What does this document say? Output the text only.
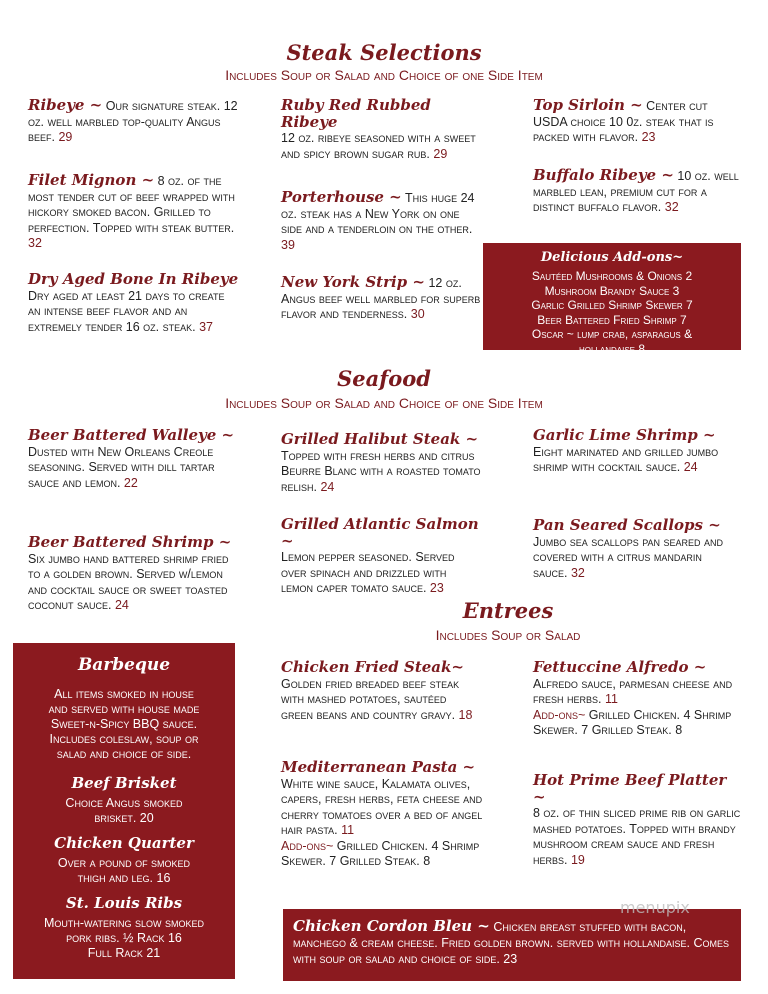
Steak Selections
Includes Soup or Salad and Choice of one Side Item
Ribeye ~ Our signature steak. 12 oz. well marbled top-quality Angus beef. 29
Filet Mignon ~ 8 oz. of the most tender cut of beef wrapped with hickory smoked bacon. Grilled to perfection. Topped with steak butter. 32
Dry Aged Bone In Ribeye
Dry aged at least 21 days to create an intense beef flavor and an extremely tender 16 oz. steak. 37
Ruby Red Rubbed Ribeye
12 oz. ribeye seasoned with a sweet and spicy brown sugar rub. 29
Porterhouse ~ This huge 24 oz. steak has a New York on one side and a tenderloin on the other. 39
New York Strip ~ 12 oz. Angus beef well marbled for superb flavor and tenderness. 30
Top Sirloin ~ Center cut USDA choice 10 0z. steak that is packed with flavor. 23
Buffalo Ribeye ~ 10 oz. well marbled lean, premium cut for a distinct buffalo flavor. 32
Delicious Add-ons~
Sautéed Mushrooms & Onions 2
Mushroom Brandy Sauce 3
Garlic Grilled Shrimp Skewer 7
Beer Battered Fried Shrimp 7
Oscar ~ lump crab, asparagus &
hollandaise 8
Seafood
Includes Soup or Salad and Choice of one Side Item
Beer Battered Walleye ~
Dusted with New Orleans Creole seasoning. Served with dill tartar sauce and lemon. 22
Beer Battered Shrimp ~
Six jumbo hand battered shrimp fried to a golden brown. Served w/lemon and cocktail sauce or sweet toasted coconut sauce. 24
Grilled Halibut Steak ~
Topped with fresh herbs and citrus Beurre Blanc with a roasted tomato relish. 24
Grilled Atlantic Salmon ~
Lemon pepper seasoned. Served over spinach and drizzled with lemon caper tomato sauce. 23
Garlic Lime Shrimp ~
Eight marinated and grilled jumbo shrimp with cocktail sauce. 24
Pan Seared Scallops ~
Jumbo sea scallops pan seared and covered with a citrus mandarin sauce. 32
Barbeque
All items smoked in house
and served with house made
Sweet-n-Spicy BBQ sauce.
Includes coleslaw, soup or
salad and choice of side.
Beef Brisket
Choice Angus smoked
brisket. 20
Chicken Quarter
Over a pound of smoked
thigh and leg. 16
St. Louis Ribs
Mouth-watering slow smoked
pork ribs. ½ Rack 16
Full Rack 21
Entrees
Includes Soup or Salad
Chicken Fried Steak~
Golden fried breaded beef steak with mashed potatoes, sautéed green beans and country gravy. 18
Mediterranean Pasta ~
White wine sauce, Kalamata olives, capers, fresh herbs, feta cheese and cherry tomatoes over a bed of angel hair pasta. 11
Add-ons~ Grilled Chicken. 4 Shrimp Skewer. 7 Grilled Steak. 8
Fettuccine Alfredo ~
Alfredo sauce, parmesan cheese and fresh herbs. 11
Add-ons~ Grilled Chicken. 4 Shrimp Skewer. 7 Grilled Steak. 8
Hot Prime Beef Platter ~
8 oz. of thin sliced prime rib on garlic mashed potatoes. Topped with brandy mushroom cream sauce and fresh herbs. 19
Chicken Cordon Bleu ~ Chicken breast stuffed with bacon, manchego & cream cheese. Fried golden brown. served with hollandaise. Comes with soup or salad and choice of side. 23
menupix
